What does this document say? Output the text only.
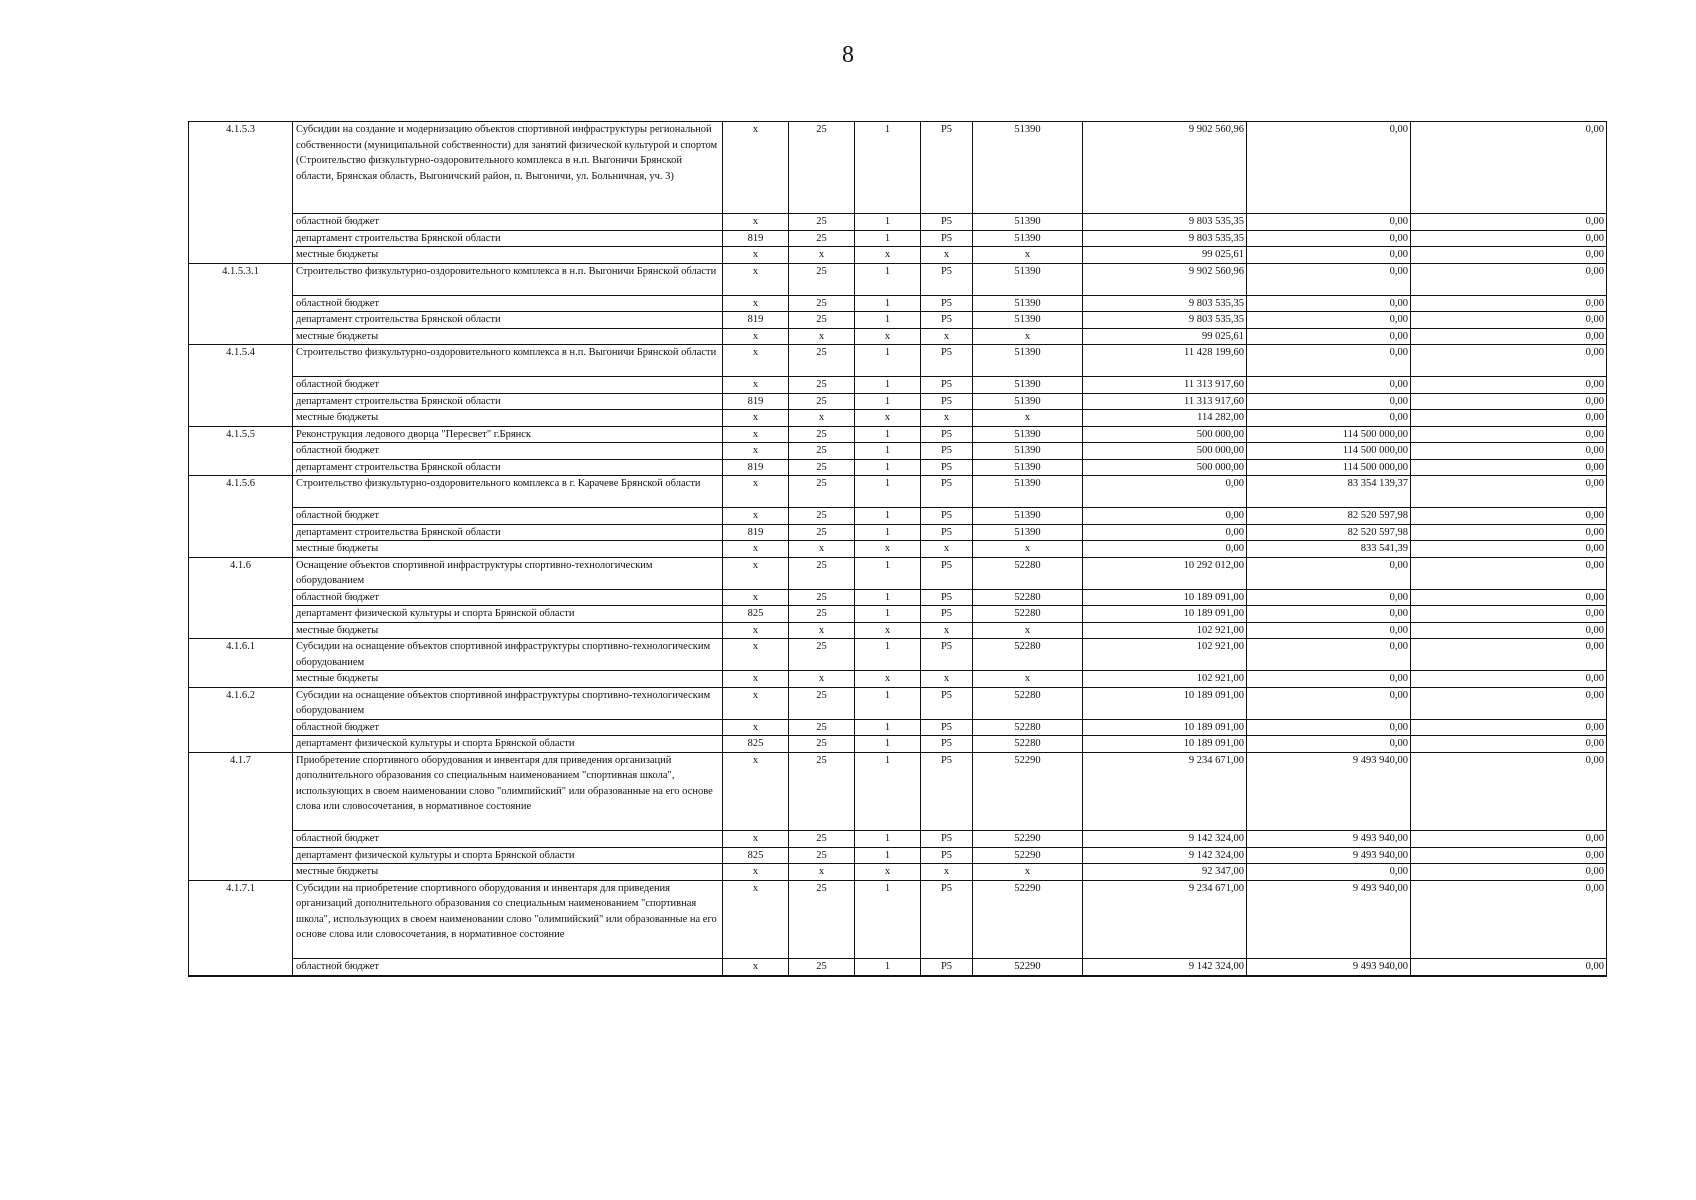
8
4.1.5.3	Субсидии на создание и модернизацию объектов спортивной инфраструктуры региональной собственности (муниципальной собственности) для занятий физической культурой и спортом (Строительство физкультурно-оздоровительного комплекса в н.п. Выгоничи Брянской области, Брянская область, Выгоничский район, п. Выгоничи, ул. Больничная, уч. 3)	x	25	1	P5	51390	9 902 560,96	0,00	0,00
	областной бюджет	x	25	1	P5	51390	9 803 535,35	0,00	0,00
	департамент строительства Брянской области	819	25	1	P5	51390	9 803 535,35	0,00	0,00
	местные бюджеты	x	x	x	x	x	99 025,61	0,00	0,00
4.1.5.3.1	Строительство физкультурно-оздоровительного комплекса в н.п. Выгоничи Брянской области	x	25	1	P5	51390	9 902 560,96	0,00	0,00
	областной бюджет	x	25	1	P5	51390	9 803 535,35	0,00	0,00
	департамент строительства Брянской области	819	25	1	P5	51390	9 803 535,35	0,00	0,00
	местные бюджеты	x	x	x	x	x	99 025,61	0,00	0,00
4.1.5.4	Строительство физкультурно-оздоровительного комплекса в н.п. Выгоничи Брянской области	x	25	1	P5	51390	11 428 199,60	0,00	0,00
	областной бюджет	x	25	1	P5	51390	11 313 917,60	0,00	0,00
	департамент строительства Брянской области	819	25	1	P5	51390	11 313 917,60	0,00	0,00
	местные бюджеты	x	x	x	x	x	114 282,00	0,00	0,00
4.1.5.5	Реконструкция ледового дворца "Пересвет" г.Брянск	x	25	1	P5	51390	500 000,00	114 500 000,00	0,00
	областной бюджет	x	25	1	P5	51390	500 000,00	114 500 000,00	0,00
	департамент строительства Брянской области	819	25	1	P5	51390	500 000,00	114 500 000,00	0,00
4.1.5.6	Строительство физкультурно-оздоровительного комплекса в г. Карачеве Брянской области	x	25	1	P5	51390	0,00	83 354 139,37	0,00
	областной бюджет	x	25	1	P5	51390	0,00	82 520 597,98	0,00
	департамент строительства Брянской области	819	25	1	P5	51390	0,00	82 520 597,98	0,00
	местные бюджеты	x	x	x	x	x	0,00	833 541,39	0,00
4.1.6	Оснащение объектов спортивной инфраструктуры спортивно-технологическим оборудованием	x	25	1	P5	52280	10 292 012,00	0,00	0,00
	областной бюджет	x	25	1	P5	52280	10 189 091,00	0,00	0,00
	департамент физической культуры и спорта Брянской области	825	25	1	P5	52280	10 189 091,00	0,00	0,00
	местные бюджеты	x	x	x	x	x	102 921,00	0,00	0,00
4.1.6.1	Субсидии на оснащение объектов спортивной инфраструктуры спортивно-технологическим оборудованием	x	25	1	P5	52280	102 921,00	0,00	0,00
	местные бюджеты	x	x	x	x	x	102 921,00	0,00	0,00
4.1.6.2	Субсидии на оснащение объектов спортивной инфраструктуры спортивно-технологическим оборудованием	x	25	1	P5	52280	10 189 091,00	0,00	0,00
	областной бюджет	x	25	1	P5	52280	10 189 091,00	0,00	0,00
	департамент физической культуры и спорта Брянской области	825	25	1	P5	52280	10 189 091,00	0,00	0,00
4.1.7	Приобретение спортивного оборудования и инвентаря для приведения организаций дополнительного образования со специальным наименованием "спортивная школа", использующих в своем наименовании слово "олимпийский" или образованные на его основе слова или словосочетания, в нормативное состояние	x	25	1	P5	52290	9 234 671,00	9 493 940,00	0,00
	областной бюджет	x	25	1	P5	52290	9 142 324,00	9 493 940,00	0,00
	департамент физической культуры и спорта Брянской области	825	25	1	P5	52290	9 142 324,00	9 493 940,00	0,00
	местные бюджеты	x	x	x	x	x	92 347,00	0,00	0,00
4.1.7.1	Субсидии на приобретение спортивного оборудования и инвентаря для приведения организаций дополнительного образования со специальным наименованием "спортивная школа", использующих в своем наименовании слово "олимпийский" или образованные на его основе слова или словосочетания, в нормативное состояние	x	25	1	P5	52290	9 234 671,00	9 493 940,00	0,00
	областной бюджет	x	25	1	P5	52290	9 142 324,00	9 493 940,00	0,00
